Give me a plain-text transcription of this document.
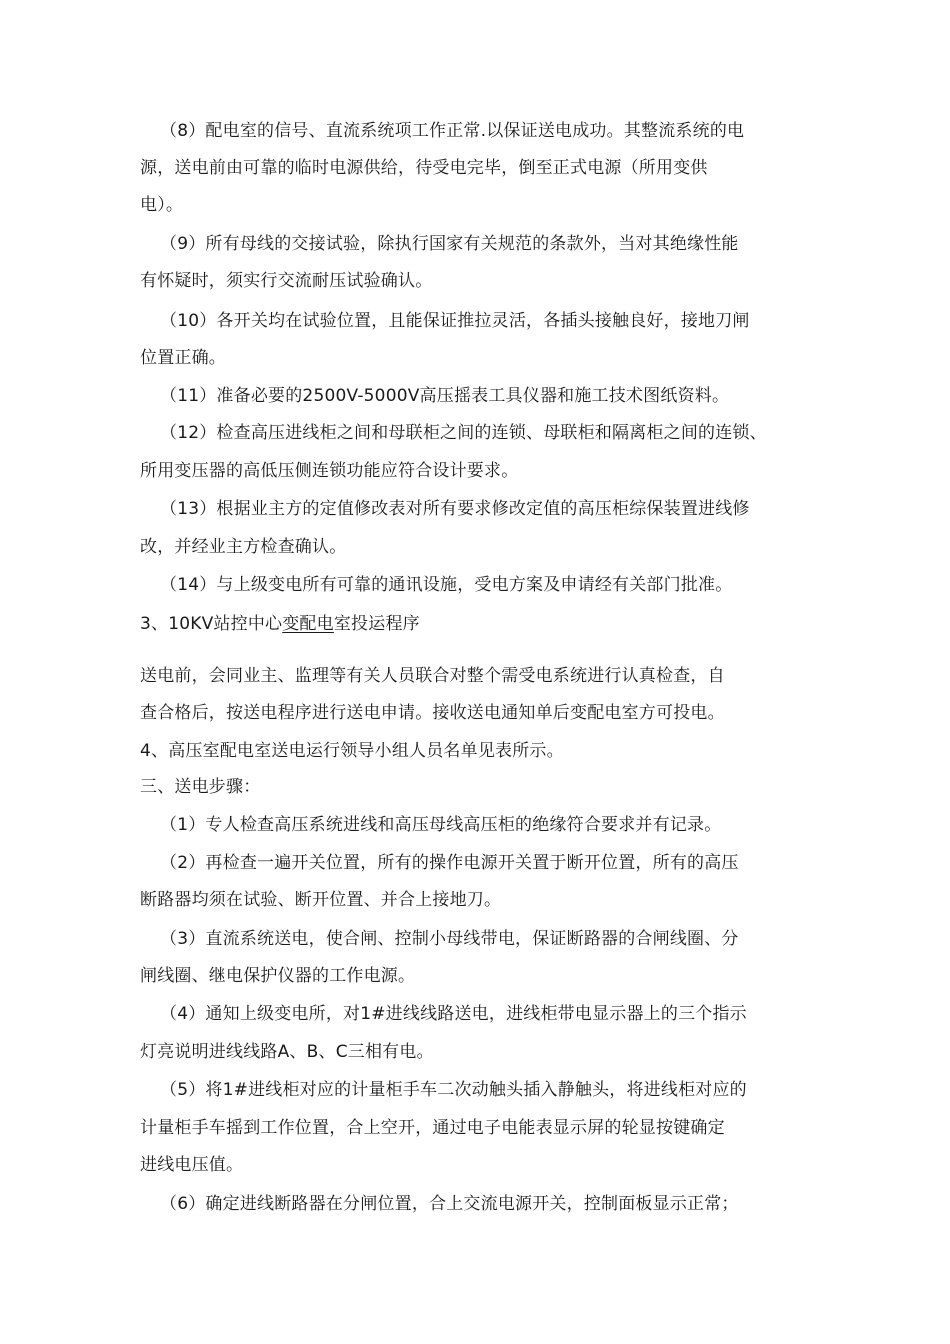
（8）配电室的信号、直流系统项工作正常.以保证送电成功。其整流系统的电
源，送电前由可靠的临时电源供给，待受电完毕，倒至正式电源（所用变供
电）。
（9）所有母线的交接试验，除执行国家有关规范的条款外，当对其绝缘性能
有怀疑时，须实行交流耐压试验确认。
（10）各开关均在试验位置，且能保证推拉灵活，各插头接触良好，接地刀闸
位置正确。
（11）准备必要的2500V-5000V高压摇表工具仪器和施工技术图纸资料。
（12）检查高压进线柜之间和母联柜之间的连锁、母联柜和隔离柜之间的连锁、
所用变压器的高低压侧连锁功能应符合设计要求。
（13）根据业主方的定值修改表对所有要求修改定值的高压柜综保装置进线修
改，并经业主方检查确认。
（14）与上级变电所有可靠的通讯设施，受电方案及申请经有关部门批准。
3、10KV站控中心变配电室投运程序
送电前，会同业主、监理等有关人员联合对整个需受电系统进行认真检查，自
查合格后，按送电程序进行送电申请。接收送电通知单后变配电室方可投电。
4、高压室配电室送电运行领导小组人员名单见表所示。
三、送电步骤：
（1）专人检查高压系统进线和高压母线高压柜的绝缘符合要求并有记录。
（2）再检查一遍开关位置，所有的操作电源开关置于断开位置，所有的高压
断路器均须在试验、断开位置、并合上接地刀。
（3）直流系统送电，使合闸、控制小母线带电，保证断路器的合闸线圈、分
闸线圈、继电保护仪器的工作电源。
（4）通知上级变电所，对1#进线线路送电，进线柜带电显示器上的三个指示
灯亮说明进线线路A、B、C三相有电。
（5）将1#进线柜对应的计量柜手车二次动触头插入静触头，将进线柜对应的
计量柜手车摇到工作位置，合上空开，通过电子电能表显示屏的轮显按键确定
进线电压值。
（6）确定进线断路器在分闸位置，合上交流电源开关，控制面板显示正常；
